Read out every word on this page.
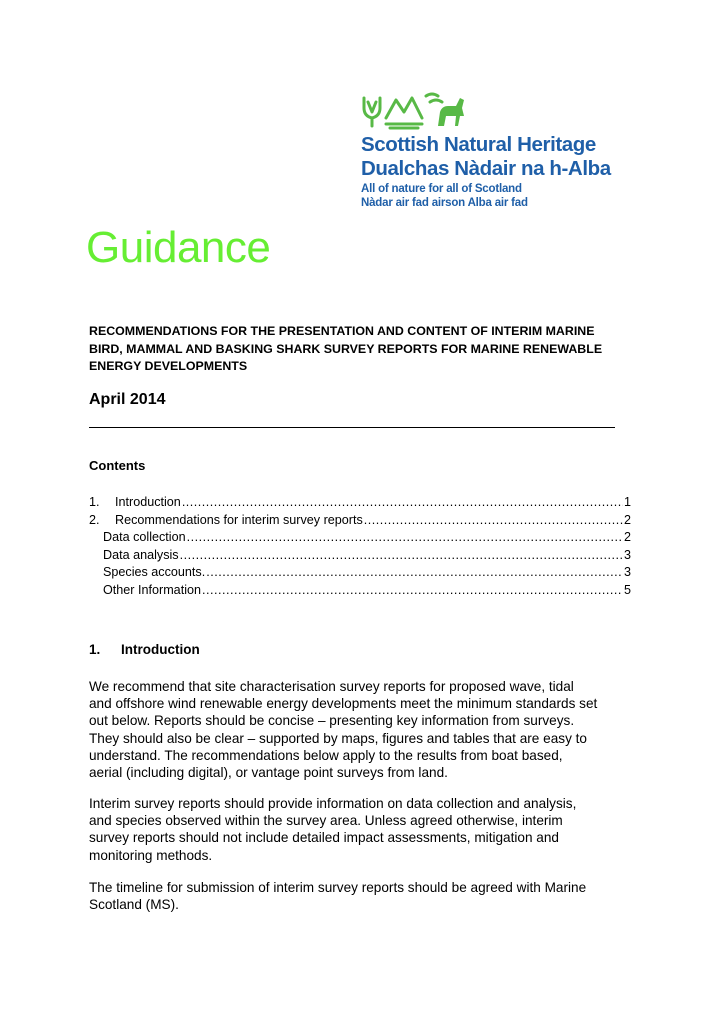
Scottish Natural Heritage
Dualchas Nàdair na h-Alba
All of nature for all of Scotland
Nàdar air fad airson Alba air fad
Guidance
RECOMMENDATIONS FOR THE PRESENTATION AND CONTENT OF INTERIM MARINE BIRD, MAMMAL AND BASKING SHARK SURVEY REPORTS FOR MARINE RENEWABLE ENERGY DEVELOPMENTS
April 2014
Contents
1.	Introduction .....	1
2.	Recommendations for interim survey reports .....	2
Data collection .....	2
Data analysis .....	3
Species accounts. .....	3
Other Information .....	5
1. Introduction
We recommend that site characterisation survey reports for proposed wave, tidal
and offshore wind renewable energy developments meet the minimum standards set
out below. Reports should be concise – presenting key information from surveys.
They should also be clear – supported by maps, figures and tables that are easy to
understand. The recommendations below apply to the results from boat based,
aerial (including digital), or vantage point surveys from land.
Interim survey reports should provide information on data collection and analysis,
and species observed within the survey area. Unless agreed otherwise, interim
survey reports should not include detailed impact assessments, mitigation and
monitoring methods.
The timeline for submission of interim survey reports should be agreed with Marine
Scotland (MS).
